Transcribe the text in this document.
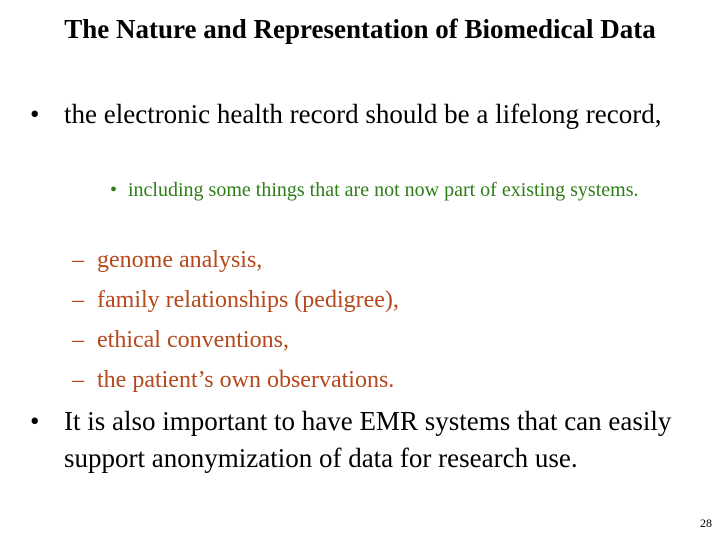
The Nature and Representation of Biomedical Data
• the electronic health record should be a lifelong record,
• including some things that are not now part of existing systems.
– genome analysis,
– family relationships (pedigree),
– ethical conventions,
– the patient’s own observations.
• It is also important to have EMR systems that can easily support anonymization of data for research use.
28
